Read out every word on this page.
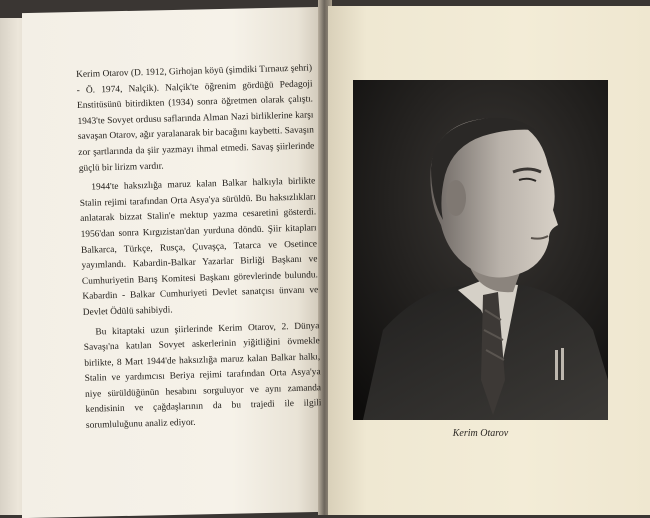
Kerim Otarov (D. 1912, Girhojan köyü (şimdiki Tırnauz şehri) - Ö. 1974, Nalçik). Nalçik'te öğrenim gördüğü Pedagoji Enstitüsünü bitirdikten (1934) sonra öğretmen olarak çalıştı. 1943'te Sovyet ordusu saflarında Alman Nazi birliklerine karşı savaşan Otarov, ağır yaralanarak bir bacağını kaybetti. Savaşın zor şartlarında da şiir yazmayı ihmal etmedi. Savaş şiirlerinde güçlü bir lirizm vardır.

1944'te haksızlığa maruz kalan Balkar halkıyla birlikte Stalin rejimi tarafından Orta Asya'ya sürüldü. Bu haksızlıkları anlatarak bizzat Stalin'e mektup yazma cesaretini gösterdi. 1956'dan sonra Kırgızistan'dan yurduna döndü. Şiir kitapları Balkarca, Türkçe, Rusça, Çuvaşça, Tatarca ve Osetince yayımlandı. Kabardin-Balkar Yazarlar Birliği Başkanı ve Cumhuriyetin Barış Komitesi Başkanı görevlerinde bulundu. Kabardin - Balkar Cumhuriyeti Devlet sanatçısı ünvanı ve Devlet Ödülü sahibiydi.

Bu kitaptaki uzun şiirlerinde Kerim Otarov, 2. Dünya Savaşı'na katılan Sovyet askerlerinin yiğitliğini övmekle birlikte, 8 Mart 1944'de haksızlığa maruz kalan Balkar halkı, Stalin ve yardımcısı Beriya rejimi tarafından Orta Asya'ya niye sürüldüğünün hesabını sorguluyor ve aynı zamanda kendisinin ve çağdaşlarının da bu trajedi ile ilgili sorumluluğunu analiz ediyor.

Kerim Otarov
